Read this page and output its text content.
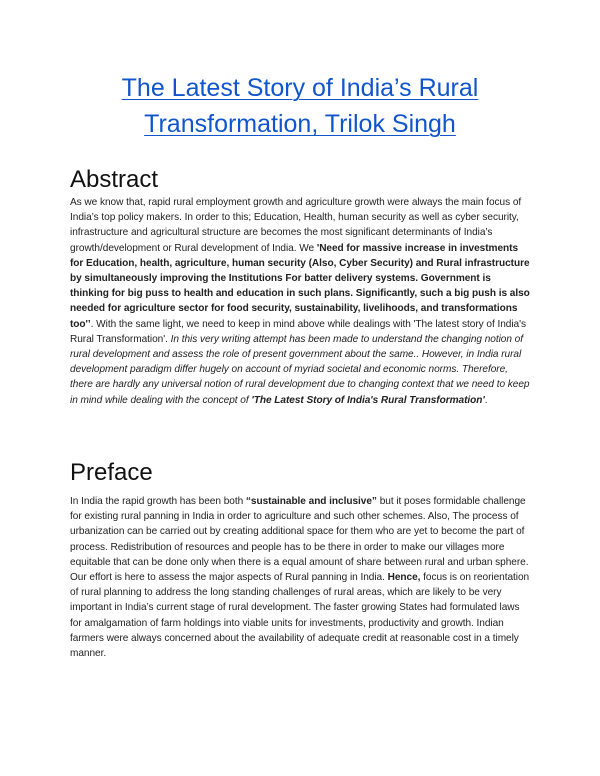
The Latest Story of India’s Rural Transformation, Trilok Singh
Abstract

As we know that, rapid rural employment growth and agriculture growth were always the main focus of India’s top policy makers. In order to this; Education, Health, human security as well as cyber security, infrastructure and agricultural structure are becomes the most significant determinants of India’s growth/development or Rural development of India. We 'Need for massive increase in investments for Education, health, agriculture, human security (Also, Cyber Security) and Rural infrastructure by simultaneously improving the Institutions For batter delivery systems. Government is thinking for big puss to health and education in such plans. Significantly, such a big push is also needed for agriculture sector for food security, sustainability, livelihoods, and transformations too'’. With the same light, we need to keep in mind above while dealings with 'The latest story of India's Rural Transformation'. In this very writing attempt has been made to understand the changing notion of rural development and assess the role of present government about the same.. However, in India rural development paradigm differ hugely on account of myriad societal and economic norms. Therefore, there are hardly any universal notion of rural development due to changing context that we need to keep in mind while dealing with the concept of 'The Latest Story of India's Rural Transformation'.

Preface

In India the rapid growth has been both “sustainable and inclusive” but it poses formidable challenge for existing rural panning in India in order to agriculture and such other schemes. Also, The process of urbanization can be carried out by creating additional space for them who are yet to become the part of process. Redistribution of resources and people has to be there in order to make our villages more equitable that can be done only when there is a equal amount of share between rural and urban sphere. Our effort is here to assess the major aspects of Rural panning in India. Hence, focus is on reorientation of rural planning to address the long standing challenges of rural areas, which are likely to be very important in India’s current stage of rural development. The faster growing States had formulated laws for amalgamation of farm holdings into viable units for investments, productivity and growth. Indian farmers were always concerned about the availability of adequate credit at reasonable cost in a timely manner.
